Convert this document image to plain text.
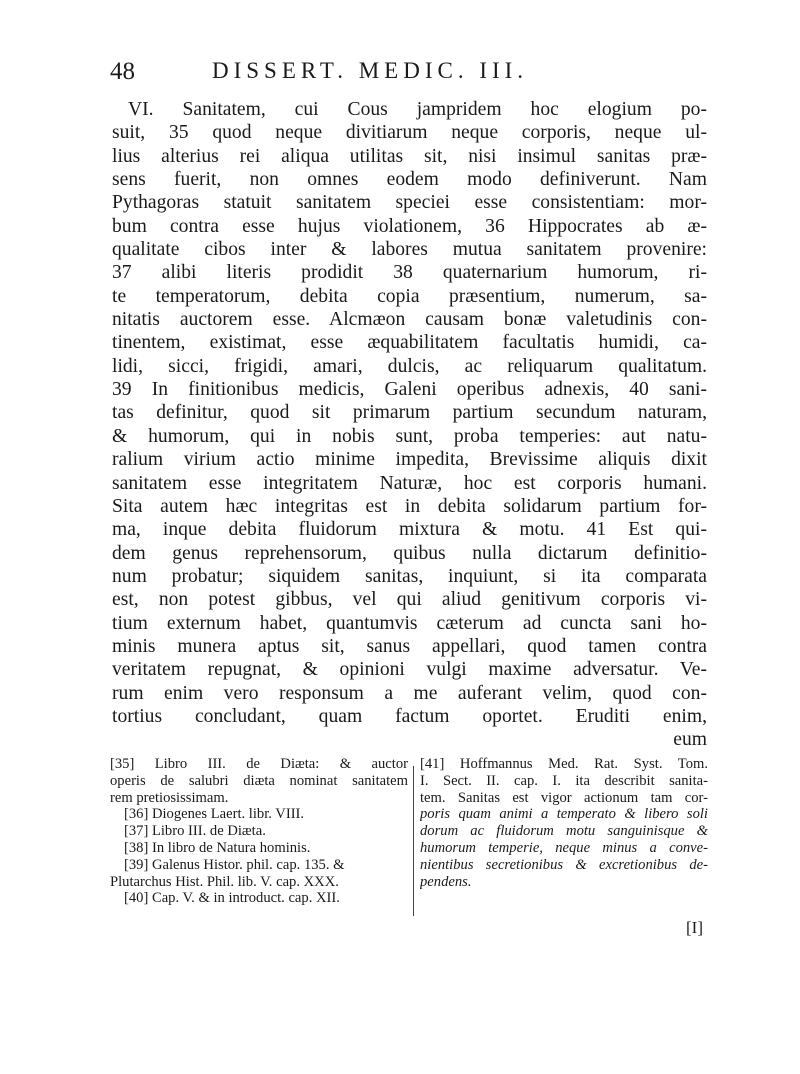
48	DISSERT. MEDIC. III.
VI. Sanitatem, cui Cous jampridem hoc elogium po-
suit, 35 quod neque divitiarum neque corporis, neque ul-
lius alterius rei aliqua utilitas sit, nisi insimul sanitas præ-
sens fuerit, non omnes eodem modo definiverunt. Nam
Pythagoras statuit sanitatem speciei esse consistentiam: mor-
bum contra esse hujus violationem, 36 Hippocrates ab æ-
qualitate cibos inter & labores mutua sanitatem provenire:
37 alibi literis prodidit 38 quaternarium humorum, ri-
te temperatorum, debita copia præsentium, numerum, sa-
nitatis auctorem esse. Alcmæon causam bonæ valetudinis con-
tinentem, existimat, esse æquabilitatem facultatis humidi, ca-
lidi, sicci, frigidi, amari, dulcis, ac reliquarum qualitatum.
39 In finitionibus medicis, Galeni operibus adnexis, 40 sani-
tas definitur, quod sit primarum partium secundum naturam,
& humorum, qui in nobis sunt, proba temperies: aut natu-
ralium virium actio minime impedita, Brevissime aliquis dixit
sanitatem esse integritatem Naturæ, hoc est corporis humani.
Sita autem hæc integritas est in debita solidarum partium for-
ma, inque debita fluidorum mixtura & motu. 41 Est qui-
dem genus reprehensorum, quibus nulla dictarum definitio-
num probatur; siquidem sanitas, inquiunt, si ita comparata
est, non potest gibbus, vel qui aliud genitivum corporis vi-
tium externum habet, quantumvis cæterum ad cuncta sani ho-
minis munera aptus sit, sanus appellari, quod tamen contra
veritatem repugnat, & opinioni vulgi maxime adversatur. Ve-
rum enim vero responsum a me auferant velim, quod con-
tortius concludant, quam factum oportet. Eruditi enim,
eum
[35] Libro III. de Diæta: & auctor
operis de salubri diæta nominat sanitatem
rem pretiosissimam.
[36] Diogenes Laert. libr. VIII.
[37] Libro III. de Diæta.
[38] In libro de Natura hominis.
[39] Galenus Histor. phil. cap. 135. &
Plutarchus Hist. Phil. lib. V. cap. XXX.
[40] Cap. V. & in introduct. cap. XII.
[41] Hoffmannus Med. Rat. Syst. Tom.
I. Sect. II. cap. I. ita describit sanita-
tem. Sanitas est vigor actionum tam cor-
poris quam animi a temperato & libero soli
dorum ac fluidorum motu sanguinisque &
humorum temperie, neque minus a conve-
nientibus secretionibus & excretionibus de-
pendens.
[I]
